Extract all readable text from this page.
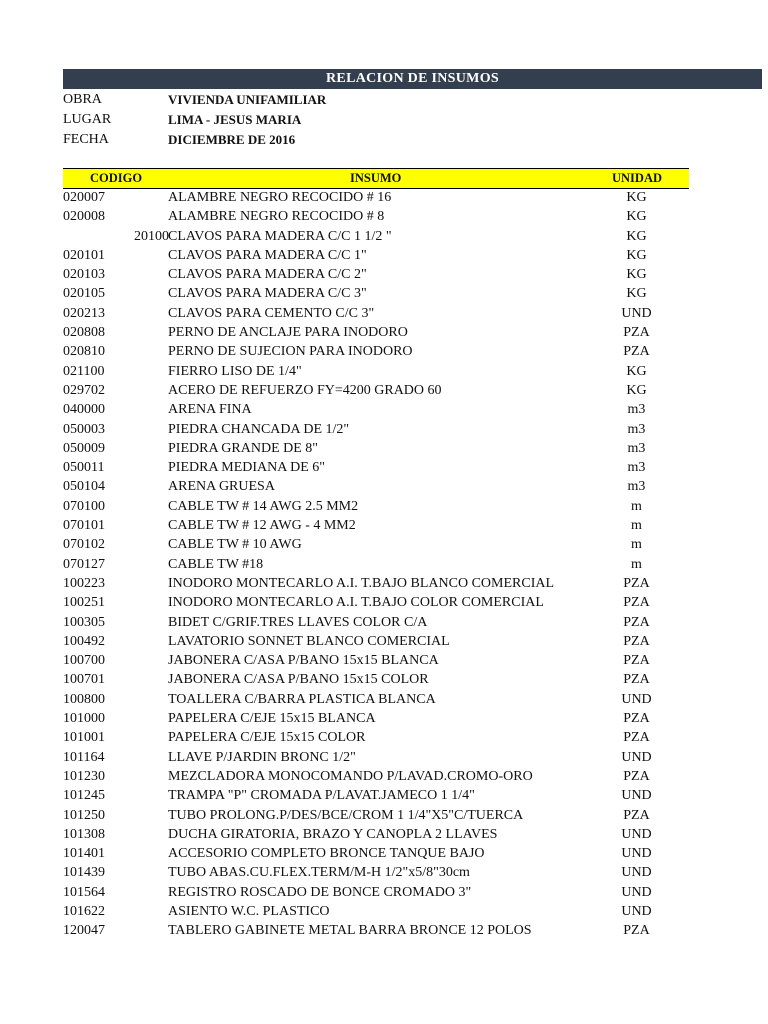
RELACION DE INSUMOS
OBRA	VIVIENDA UNIFAMILIAR
LUGAR	LIMA - JESUS MARIA
FECHA	DICIEMBRE DE 2016
CODIGO	INSUMO	UNIDAD
020007	ALAMBRE NEGRO RECOCIDO # 16	KG
020008	ALAMBRE NEGRO RECOCIDO # 8	KG
20100 CLAVOS PARA MADERA C/C 1 1/2 "	KG
020101	CLAVOS PARA MADERA C/C 1"	KG
020103	CLAVOS PARA MADERA C/C 2"	KG
020105	CLAVOS PARA MADERA C/C 3"	KG
020213	CLAVOS PARA CEMENTO C/C 3"	UND
020808	PERNO DE ANCLAJE PARA INODORO	PZA
020810	PERNO DE SUJECION PARA INODORO	PZA
021100	FIERRO LISO DE 1/4"	KG
029702	ACERO DE REFUERZO FY=4200 GRADO 60	KG
040000	ARENA FINA	m3
050003	PIEDRA CHANCADA DE 1/2"	m3
050009	PIEDRA GRANDE DE 8"	m3
050011	PIEDRA MEDIANA DE 6"	m3
050104	ARENA GRUESA	m3
070100	CABLE TW # 14 AWG 2.5 MM2	m
070101	CABLE TW # 12 AWG - 4 MM2	m
070102	CABLE TW # 10 AWG	m
070127	CABLE TW #18	m
100223	INODORO MONTECARLO A.I. T.BAJO BLANCO COMERCIAL	PZA
100251	INODORO MONTECARLO A.I. T.BAJO COLOR COMERCIAL	PZA
100305	BIDET C/GRIF.TRES LLAVES COLOR C/A	PZA
100492	LAVATORIO SONNET BLANCO COMERCIAL	PZA
100700	JABONERA C/ASA P/BANO 15x15 BLANCA	PZA
100701	JABONERA C/ASA P/BANO 15x15 COLOR	PZA
100800	TOALLERA C/BARRA PLASTICA BLANCA	UND
101000	PAPELERA C/EJE 15x15 BLANCA	PZA
101001	PAPELERA C/EJE 15x15 COLOR	PZA
101164	LLAVE P/JARDIN BRONC 1/2"	UND
101230	MEZCLADORA MONOCOMANDO P/LAVAD.CROMO-ORO	PZA
101245	TRAMPA "P" CROMADA P/LAVAT.JAMECO 1 1/4"	UND
101250	TUBO PROLONG.P/DES/BCE/CROM 1 1/4"X5"C/TUERCA	PZA
101308	DUCHA GIRATORIA, BRAZO Y CANOPLA 2 LLAVES	UND
101401	ACCESORIO COMPLETO BRONCE TANQUE BAJO	UND
101439	TUBO ABAS.CU.FLEX.TERM/M-H 1/2"x5/8"30cm	UND
101564	REGISTRO ROSCADO DE BONCE CROMADO 3"	UND
101622	ASIENTO W.C. PLASTICO	UND
120047	TABLERO GABINETE METAL BARRA BRONCE 12 POLOS	PZA
